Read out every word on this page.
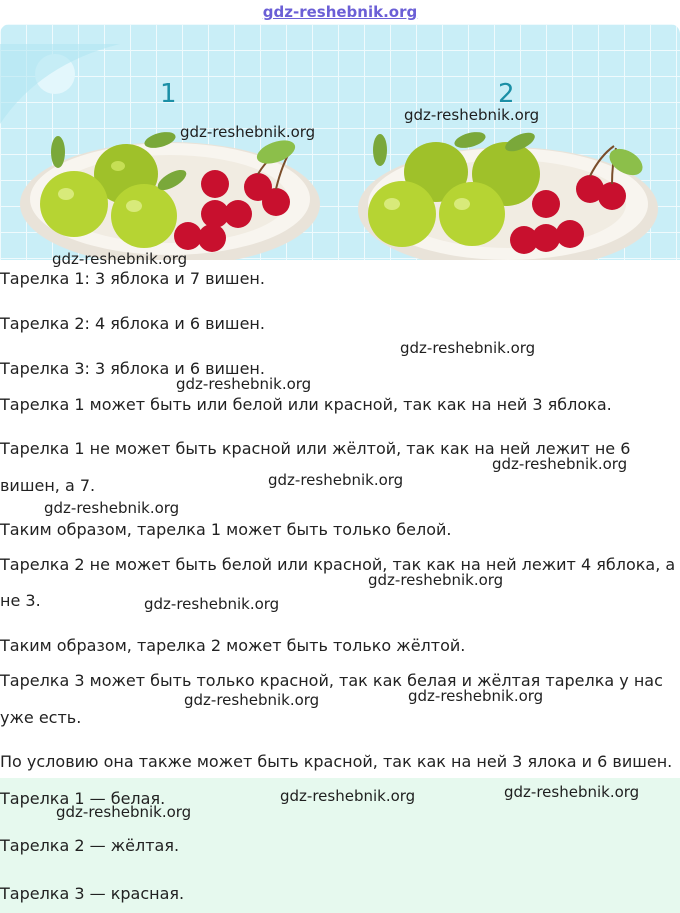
gdz-reshebnik.org
1	2
Тарелка 1: 3 яблока и 7 вишен.
Тарелка 2: 4 яблока и 6 вишен.
Тарелка 3: 3 яблока и 6 вишен.
Тарелка 1 может быть или белой или красной, так как на ней 3 яблока.
Тарелка 1 не может быть красной или жёлтой, так как на ней лежит не 6
вишен, а 7.
Таким образом, тарелка 1 может быть только белой.
Тарелка 2 не может быть белой или красной, так как на ней лежит 4 яблока, а
не 3.
Таким образом, тарелка 2 может быть только жёлтой.
Тарелка 3 может быть только красной, так как белая и жёлтая тарелка у нас
уже есть.
По условию она также может быть красной, так как на ней 3 ялока и 6 вишен.
Тарелка 1 — белая.
Тарелка 2 — жёлтая.
Тарелка 3 — красная.
gdz-reshebnik.org
gdz-reshebnik.org
gdz-reshebnik.org
gdz-reshebnik.org
gdz-reshebnik.org
gdz-reshebnik.org
gdz-reshebnik.org
gdz-reshebnik.org
gdz-reshebnik.org
gdz-reshebnik.org
gdz-reshebnik.org	gdz-reshebnik.org
gdz-reshebnik.org	gdz-reshebnik.org
gdz-reshebnik.org
